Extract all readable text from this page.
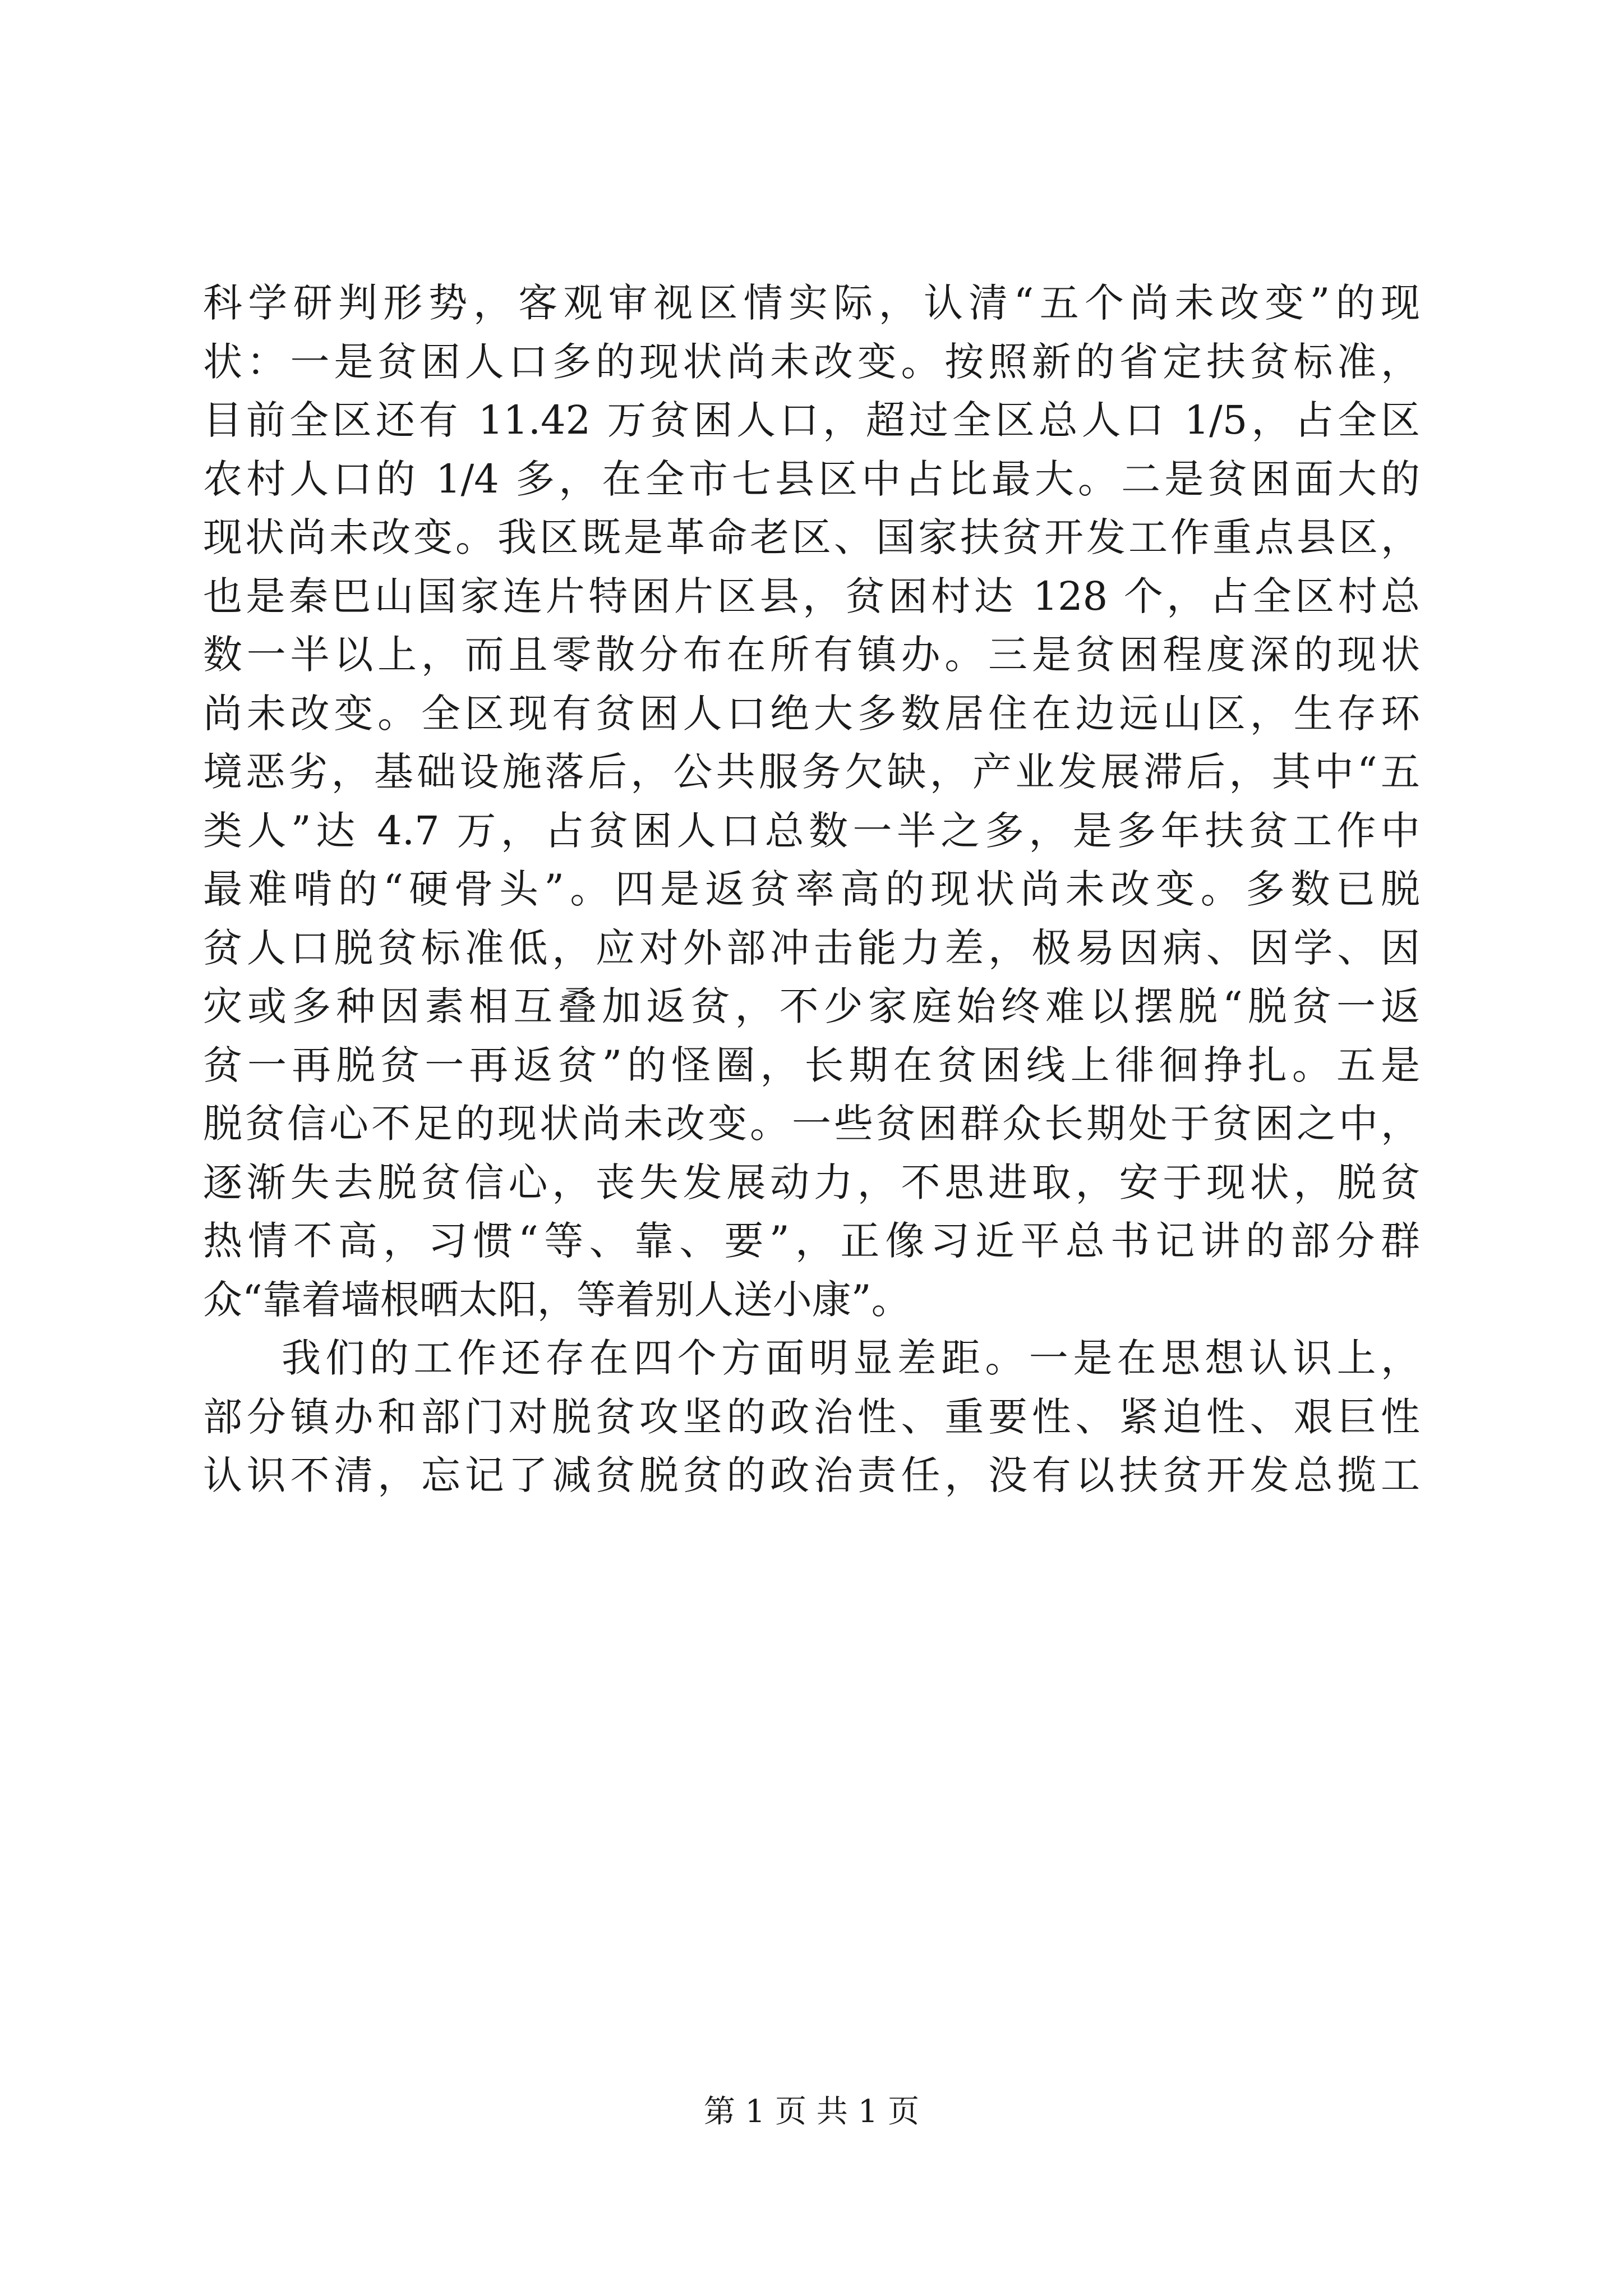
科学研判形势，客观审视区情实际，认清“五个尚未改变”的现
状：一是贫困人口多的现状尚未改变。按照新的省定扶贫标准，
目前全区还有 11.42 万贫困人口，超过全区总人口 1/5，占全区
农村人口的 1/4 多，在全市七县区中占比最大。二是贫困面大的
现状尚未改变。我区既是革命老区、国家扶贫开发工作重点县区，
也是秦巴山国家连片特困片区县，贫困村达 128 个，占全区村总
数一半以上，而且零散分布在所有镇办。三是贫困程度深的现状
尚未改变。全区现有贫困人口绝大多数居住在边远山区，生存环
境恶劣，基础设施落后，公共服务欠缺，产业发展滞后，其中“五
类人”达 4.7 万，占贫困人口总数一半之多，是多年扶贫工作中
最难啃的“硬骨头”。四是返贫率高的现状尚未改变。多数已脱
贫人口脱贫标准低，应对外部冲击能力差，极易因病、因学、因
灾或多种因素相互叠加返贫，不少家庭始终难以摆脱“脱贫一返
贫一再脱贫一再返贫”的怪圈，长期在贫困线上徘徊挣扎。五是
脱贫信心不足的现状尚未改变。一些贫困群众长期处于贫困之中，
逐渐失去脱贫信心，丧失发展动力，不思进取，安于现状，脱贫
热情不高，习惯“等、靠、要”，正像习近平总书记讲的部分群
众“靠着墙根晒太阳，等着别人送小康”。
我们的工作还存在四个方面明显差距。一是在思想认识上，
部分镇办和部门对脱贫攻坚的政治性、重要性、紧迫性、艰巨性
认识不清，忘记了减贫脱贫的政治责任，没有以扶贫开发总揽工
第 1 页 共 1 页
